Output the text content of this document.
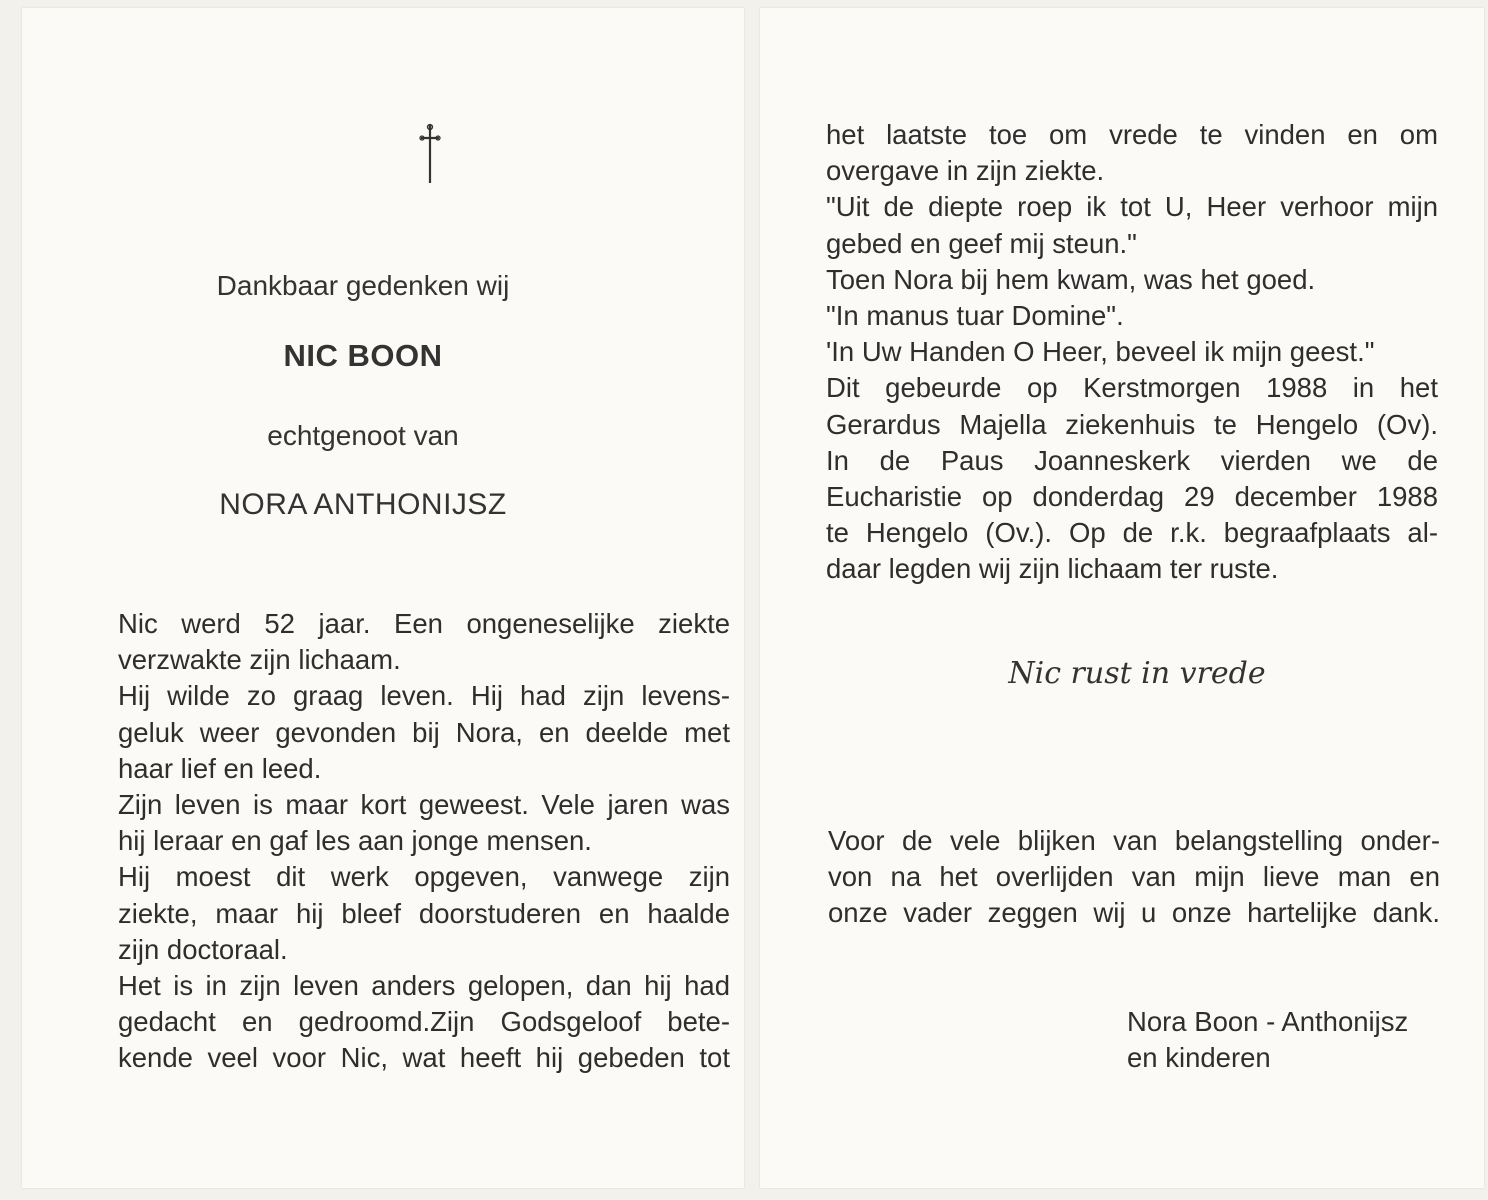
Dankbaar gedenken wij
NIC BOON
echtgenoot van
NORA ANTHONIJSZ
Nic werd 52 jaar. Een ongeneselijke ziekte
verzwakte zijn lichaam.
Hij wilde zo graag leven. Hij had zijn levens-
geluk weer gevonden bij Nora, en deelde met
haar lief en leed.
Zijn leven is maar kort geweest. Vele jaren was
hij leraar en gaf les aan jonge mensen.
Hij moest dit werk opgeven, vanwege zijn
ziekte, maar hij bleef doorstuderen en haalde
zijn doctoraal.
Het is in zijn leven anders gelopen, dan hij had
gedacht en gedroomd.Zijn Godsgeloof bete-
kende veel voor Nic, wat heeft hij gebeden tot
het laatste toe om vrede te vinden en om
overgave in zijn ziekte.
"Uit de diepte roep ik tot U, Heer verhoor mijn
gebed en geef mij steun."
Toen Nora bij hem kwam, was het goed.
"In manus tuar Domine".
'In Uw Handen O Heer, beveel ik mijn geest."
Dit gebeurde op Kerstmorgen 1988 in het
Gerardus Majella ziekenhuis te Hengelo (Ov).
In de Paus Joanneskerk vierden we de
Eucharistie op donderdag 29 december 1988
te Hengelo (Ov.). Op de r.k. begraafplaats al-
daar legden wij zijn lichaam ter ruste.
Nic rust in vrede
Voor de vele blijken van belangstelling onder-
von na het overlijden van mijn lieve man en
onze vader zeggen wij u onze hartelijke dank.
Nora Boon - Anthonijsz
en kinderen
